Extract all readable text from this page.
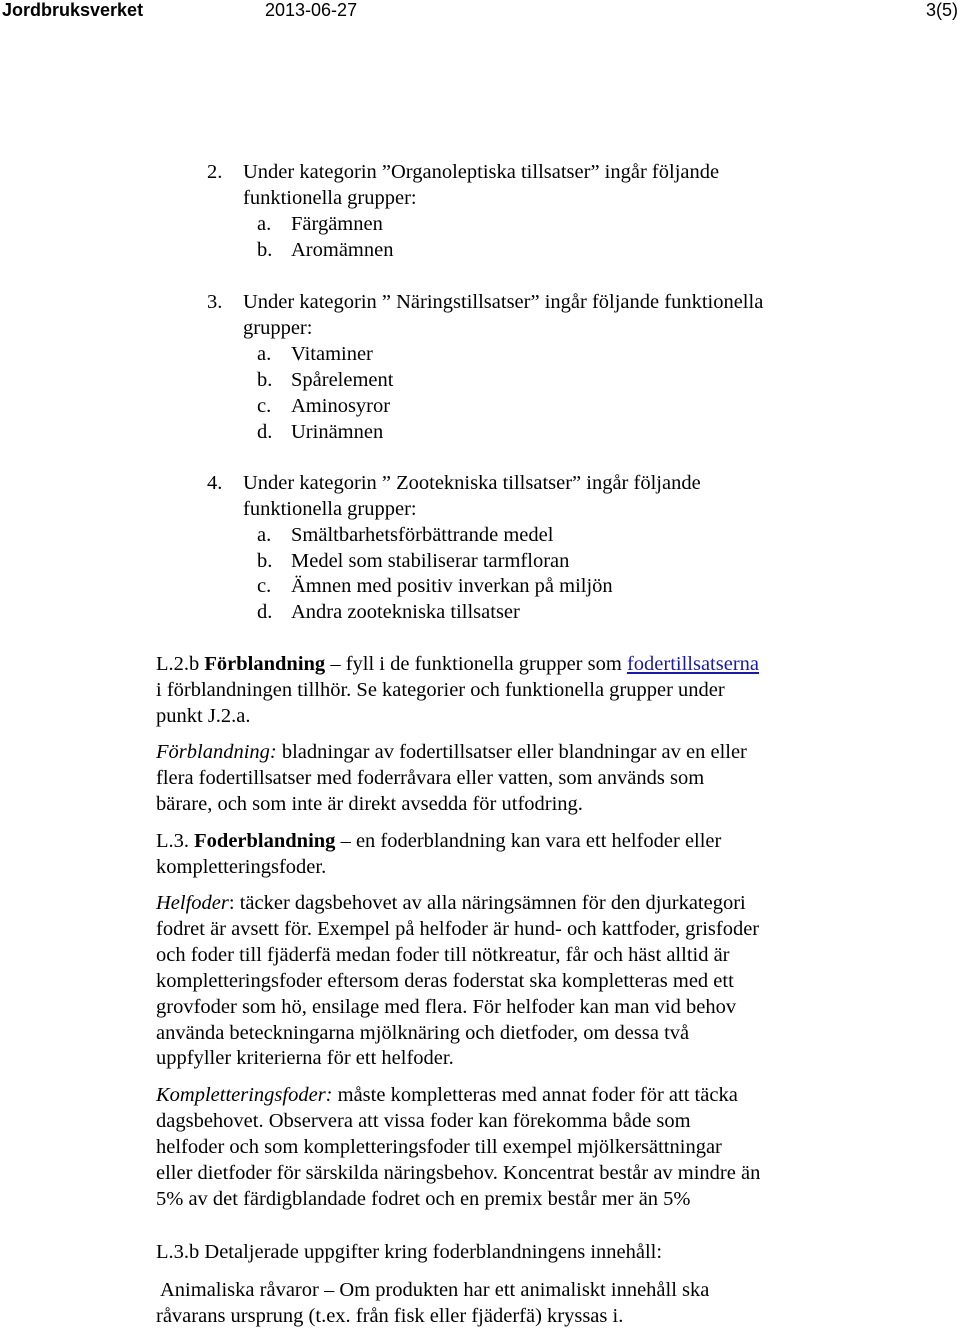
Jordbruksverket	2013-06-27	3(5)
2. Under kategorin ”Organoleptiska tillsatser” ingår följande
funktionella grupper:
a. Färgämnen
b. Aromämnen
3. Under kategorin ” Näringstillsatser” ingår följande funktionella
grupper:
a. Vitaminer
b. Spårelement
c. Aminosyror
d. Urinämnen
4. Under kategorin ” Zootekniska tillsatser” ingår följande
funktionella grupper:
a. Smältbarhetsförbättrande medel
b. Medel som stabiliserar tarmfloran
c. Ämnen med positiv inverkan på miljön
d. Andra zootekniska tillsatser
L.2.b Förblandning – fyll i de funktionella grupper som fodertillsatserna
i förblandningen tillhör. Se kategorier och funktionella grupper under
punkt J.2.a.
Förblandning: bladningar av fodertillsatser eller blandningar av en eller
flera fodertillsatser med foderråvara eller vatten, som används som
bärare, och som inte är direkt avsedda för utfodring.
L.3. Foderblandning – en foderblandning kan vara ett helfoder eller
kompletteringsfoder.
Helfoder: täcker dagsbehovet av alla näringsämnen för den djurkategori
fodret är avsett för. Exempel på helfoder är hund- och kattfoder, grisfoder
och foder till fjäderfä medan foder till nötkreatur, får och häst alltid är
kompletteringsfoder eftersom deras foderstat ska kompletteras med ett
grovfoder som hö, ensilage med flera. För helfoder kan man vid behov
använda beteckningarna mjölknäring och dietfoder, om dessa två
uppfyller kriterierna för ett helfoder.
Kompletteringsfoder: måste kompletteras med annat foder för att täcka
dagsbehovet. Observera att vissa foder kan förekomma både som
helfoder och som kompletteringsfoder till exempel mjölkersättningar
eller dietfoder för särskilda näringsbehov. Koncentrat består av mindre än
5% av det färdigblandade fodret och en premix består mer än 5%
L.3.b Detaljerade uppgifter kring foderblandningens innehåll:
Animaliska råvaror – Om produkten har ett animaliskt innehåll ska
råvarans ursprung (t.ex. från fisk eller fjäderfä) kryssas i.
